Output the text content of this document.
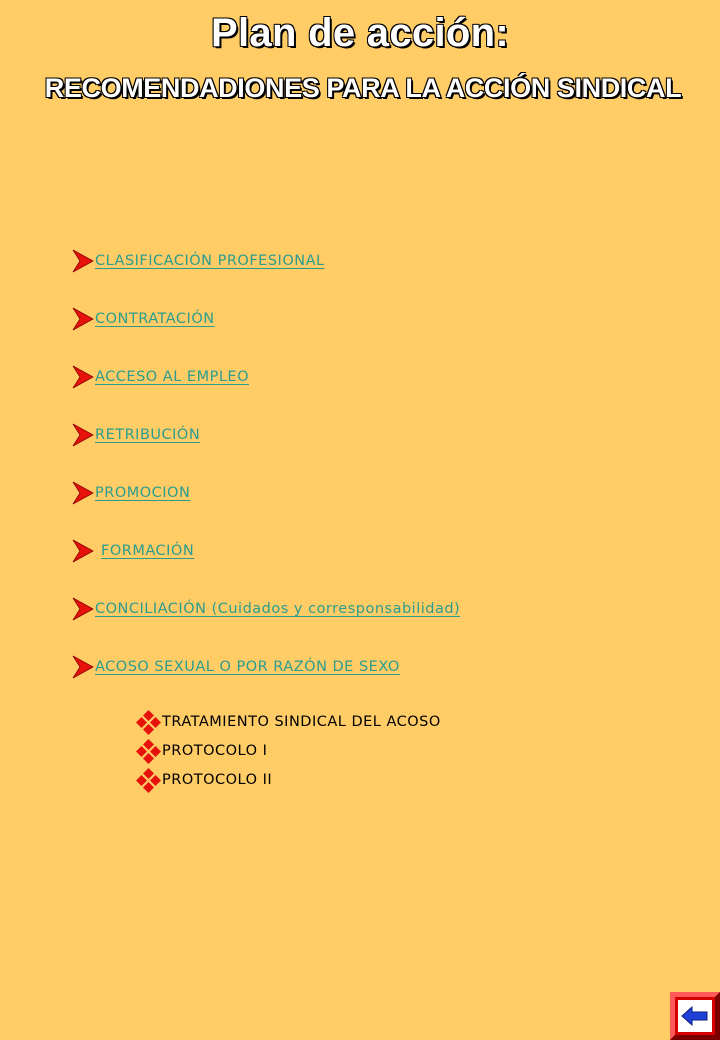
Plan de acción:
RECOMENDADIONES PARA LA ACCIÓN SINDICAL
CLASIFICACIÓN PROFESIONAL
CONTRATACIÓN
ACCESO AL EMPLEO
RETRIBUCIÓN
PROMOCION
FORMACIÓN
CONCILIACIÓN (Cuidados y corresponsabilidad)
ACOSO SEXUAL O POR RAZÓN DE SEXO
TRATAMIENTO SINDICAL DEL ACOSO
PROTOCOLO I
PROTOCOLO II
